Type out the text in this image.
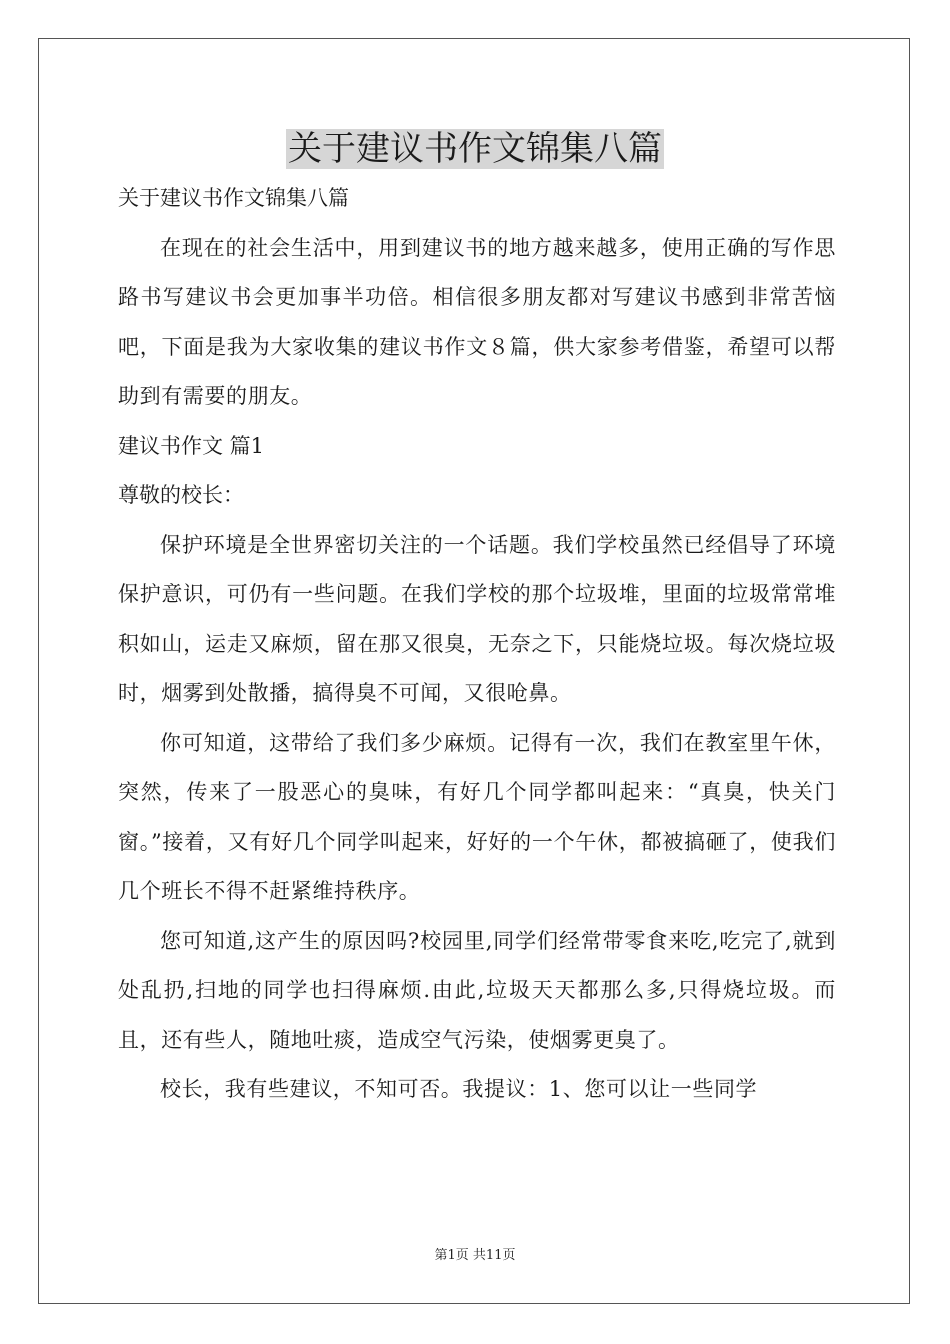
关于建议书作文锦集八篇

关于建议书作文锦集八篇

在现在的社会生活中，用到建议书的地方越来越多，使用正确的写作思路书写建议书会更加事半功倍。相信很多朋友都对写建议书感到非常苦恼吧，下面是我为大家收集的建议书作文８篇，供大家参考借鉴，希望可以帮助到有需要的朋友。

建议书作文 篇1

尊敬的校长：

保护环境是全世界密切关注的一个话题。我们学校虽然已经倡导了环境保护意识，可仍有一些问题。在我们学校的那个垃圾堆，里面的垃圾常常堆积如山，运走又麻烦，留在那又很臭，无奈之下，只能烧垃圾。每次烧垃圾时，烟雾到处散播，搞得臭不可闻，又很呛鼻。

你可知道，这带给了我们多少麻烦。记得有一次，我们在教室里午休，突然，传来了一股恶心的臭味，有好几个同学都叫起来：“真臭，快关门窗。”接着，又有好几个同学叫起来，好好的一个午休，都被搞砸了，使我们几个班长不得不赶紧维持秩序。

您可知道,这产生的原因吗?校园里,同学们经常带零食来吃,吃完了,就到处乱扔,扫地的同学也扫得麻烦.由此,垃圾天天都那么多,只得烧垃圾。而且，还有些人，随地吐痰，造成空气污染，使烟雾更臭了。

校长，我有些建议，不知可否。我提议：1、您可以让一些同学

第1页 共11页
